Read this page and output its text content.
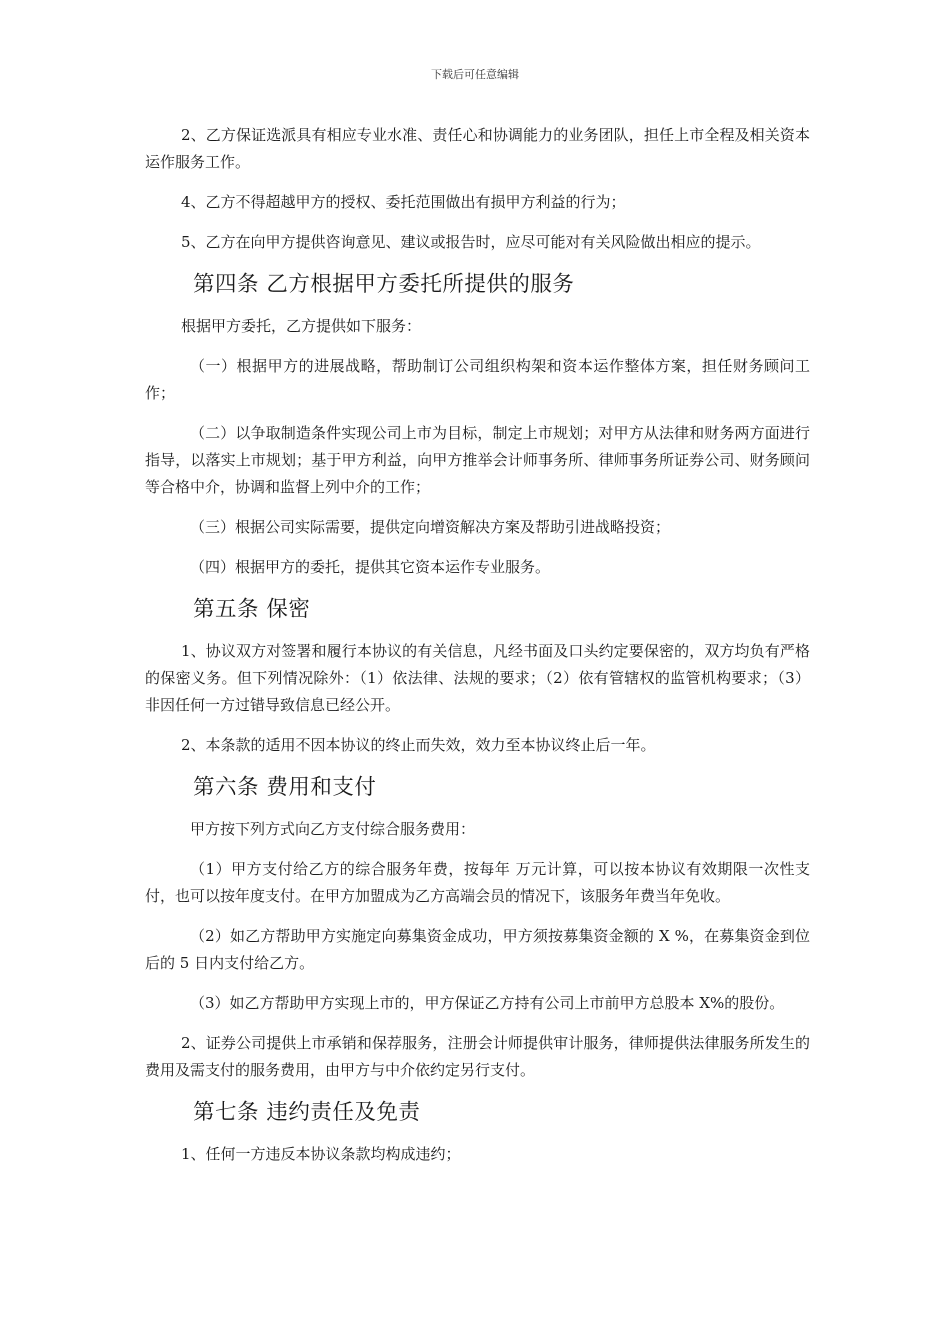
下载后可任意编辑

2、乙方保证选派具有相应专业水准、责任心和协调能力的业务团队，担任上市全程及相关资本运作服务工作。

4、乙方不得超越甲方的授权、委托范围做出有损甲方利益的行为；

5、乙方在向甲方提供咨询意见、建议或报告时，应尽可能对有关风险做出相应的提示。

第四条 乙方根据甲方委托所提供的服务

根据甲方委托，乙方提供如下服务：

（一）根据甲方的进展战略，帮助制订公司组织构架和资本运作整体方案，担任财务顾问工作；

（二）以争取制造条件实现公司上市为目标，制定上市规划；对甲方从法律和财务两方面进行指导，以落实上市规划；基于甲方利益，向甲方推举会计师事务所、律师事务所证券公司、财务顾问等合格中介，协调和监督上列中介的工作；

（三）根据公司实际需要，提供定向增资解决方案及帮助引进战略投资；

（四）根据甲方的委托，提供其它资本运作专业服务。

第五条 保密

1、协议双方对签署和履行本协议的有关信息，凡经书面及口头约定要保密的，双方均负有严格的保密义务。但下列情况除外：（1）依法律、法规的要求；（2）依有管辖权的监管机构要求；（3）非因任何一方过错导致信息已经公开。

2、本条款的适用不因本协议的终止而失效，效力至本协议终止后一年。

第六条 费用和支付

甲方按下列方式向乙方支付综合服务费用：

（1）甲方支付给乙方的综合服务年费，按每年 万元计算，可以按本协议有效期限一次性支付，也可以按年度支付。在甲方加盟成为乙方高端会员的情况下，该服务年费当年免收。

（2）如乙方帮助甲方实施定向募集资金成功，甲方须按募集资金额的 X %，在募集资金到位后的 5 日内支付给乙方。

（3）如乙方帮助甲方实现上市的，甲方保证乙方持有公司上市前甲方总股本 X%的股份。

2、证券公司提供上市承销和保荐服务，注册会计师提供审计服务，律师提供法律服务所发生的费用及需支付的服务费用，由甲方与中介依约定另行支付。

第七条 违约责任及免责

1、任何一方违反本协议条款均构成违约；
